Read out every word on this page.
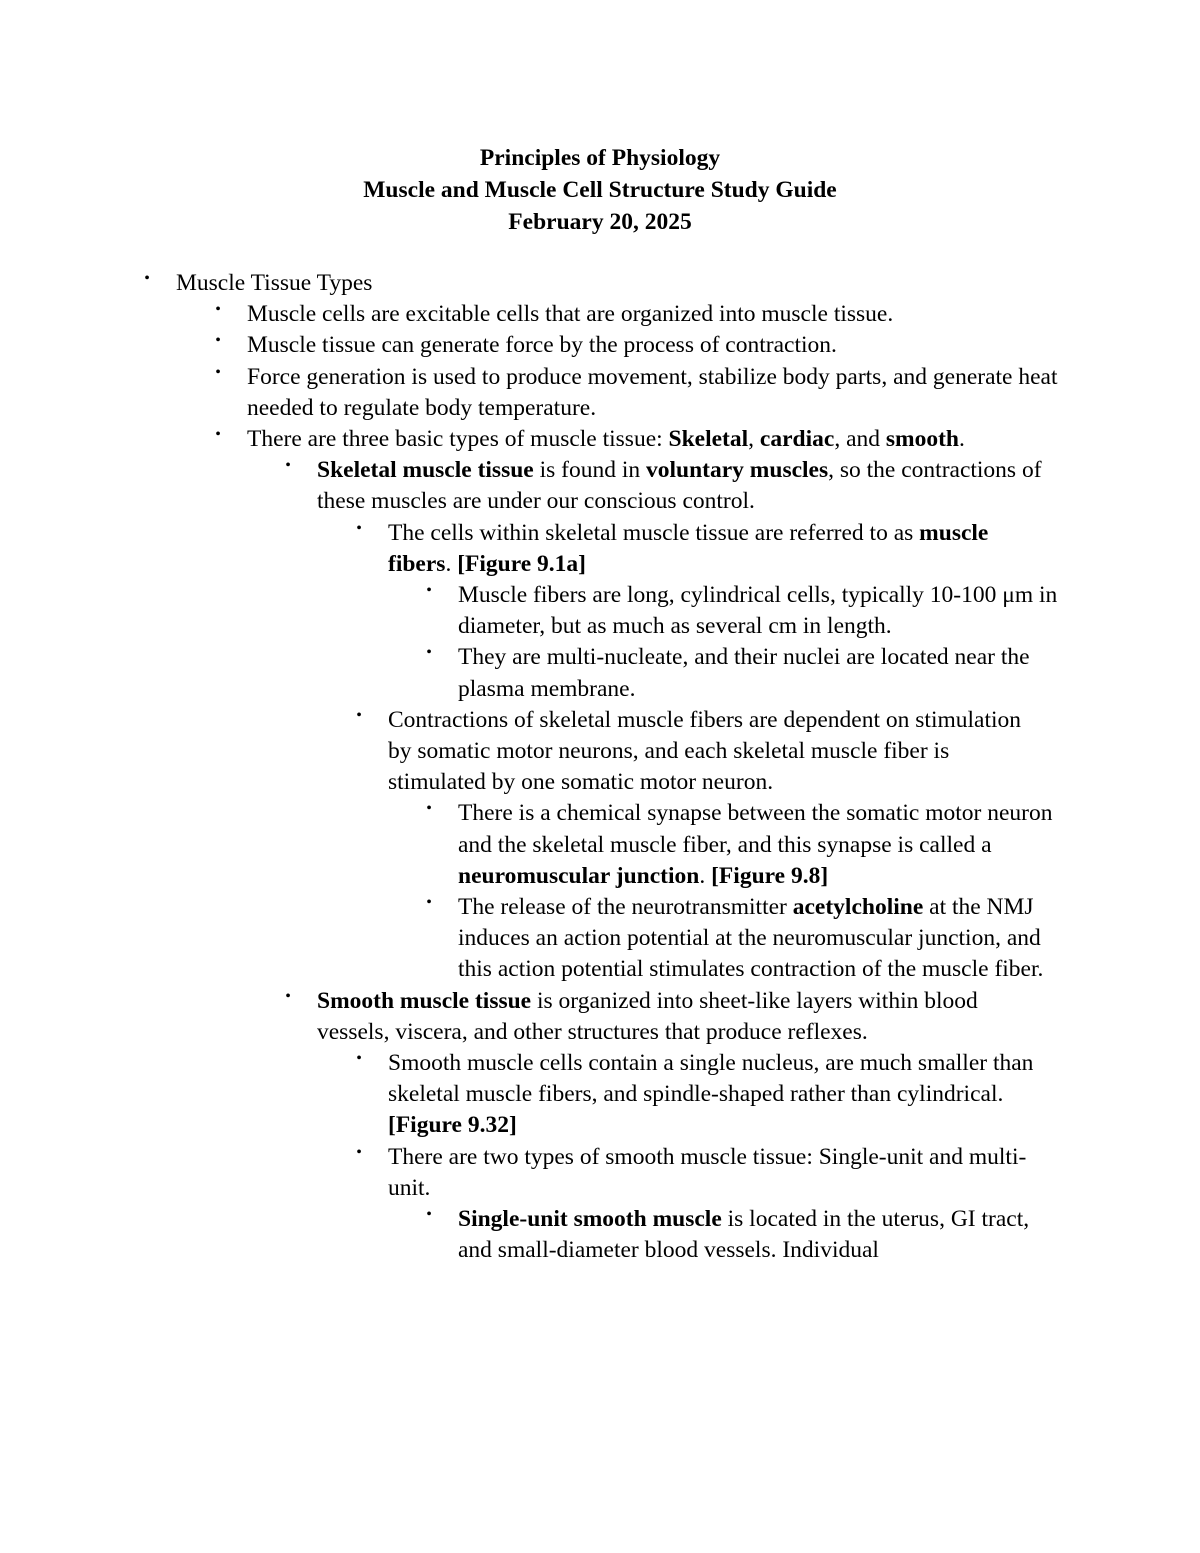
Principles of Physiology
Muscle and Muscle Cell Structure Study Guide
February 20, 2025
•	Muscle Tissue Types
•	Muscle cells are excitable cells that are organized into muscle tissue.
•	Muscle tissue can generate force by the process of contraction.
•	Force generation is used to produce movement, stabilize body parts, and generate heat needed to regulate body temperature.
•	There are three basic types of muscle tissue: Skeletal, cardiac, and smooth.
•	Skeletal muscle tissue is found in voluntary muscles, so the contractions of these muscles are under our conscious control.
•	The cells within skeletal muscle tissue are referred to as muscle fibers. [Figure 9.1a]
•	Muscle fibers are long, cylindrical cells, typically 10-100 μm in diameter, but as much as several cm in length.
•	They are multi-nucleate, and their nuclei are located near the plasma membrane.
•	Contractions of skeletal muscle fibers are dependent on stimulation by somatic motor neurons, and each skeletal muscle fiber is stimulated by one somatic motor neuron.
•	There is a chemical synapse between the somatic motor neuron and the skeletal muscle fiber, and this synapse is called a neuromuscular junction. [Figure 9.8]
•	The release of the neurotransmitter acetylcholine at the NMJ induces an action potential at the neuromuscular junction, and this action potential stimulates contraction of the muscle fiber.
•	Smooth muscle tissue is organized into sheet-like layers within blood vessels, viscera, and other structures that produce reflexes.
•	Smooth muscle cells contain a single nucleus, are much smaller than skeletal muscle fibers, and spindle-shaped rather than cylindrical. [Figure 9.32]
•	There are two types of smooth muscle tissue: Single-unit and multi-unit.
•	Single-unit smooth muscle is located in the uterus, GI tract, and small-diameter blood vessels. Individual
